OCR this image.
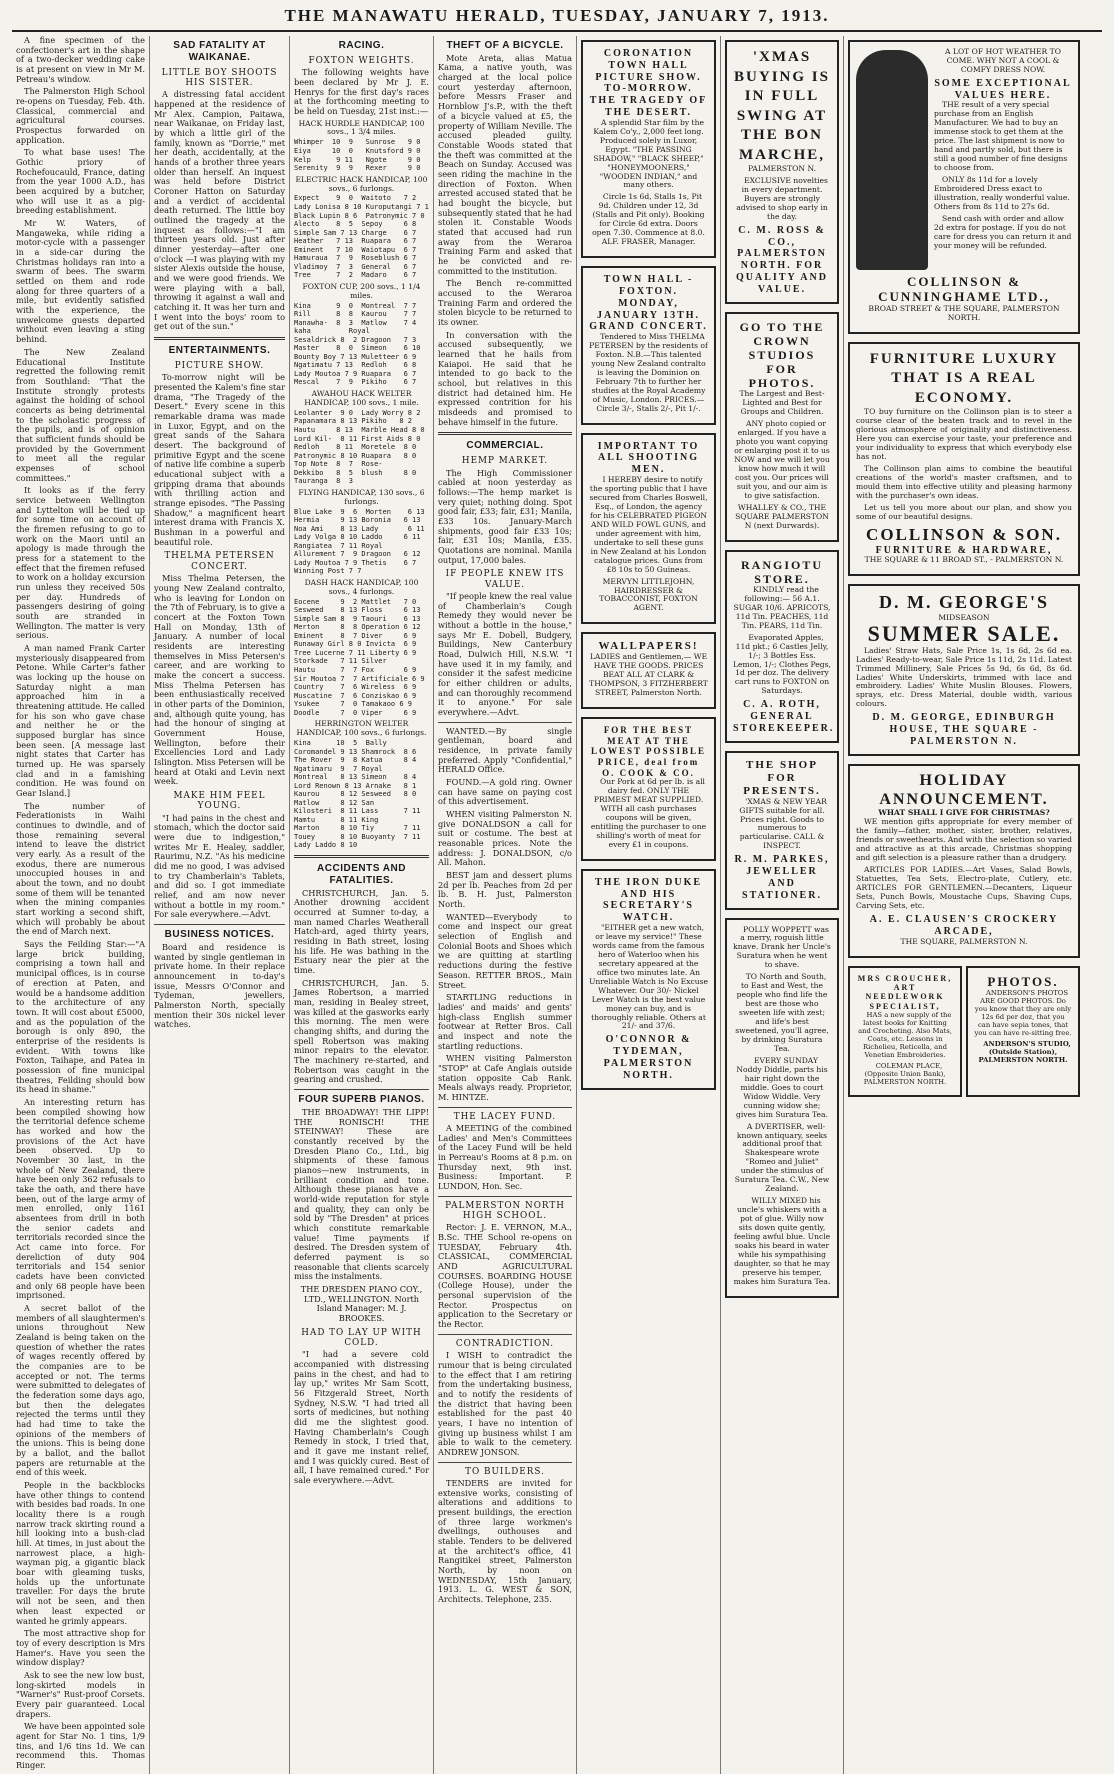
THE MANAWATU HERALD, TUESDAY, JANUARY 7, 1913.

A fine specimen of the confectioner's art in the shape of a two-decker wedding cake is at present on view in Mr M. Petreau's window.

The Palmerston High School re-opens on Tuesday, Feb. 4th. Classical, commercial and agricultural courses. Prospectus forwarded on application.

To what base uses! The Gothic priory of Rochefoucauld, France, dating from the year 1000 A.D., has been acquired by a butcher, who will use it as a pig-breeding establishment.

Mr W. Waters, of Mangaweka, while riding a motor-cycle with a passenger in a side-car during the Christmas holidays ran into a swarm of bees. The swarm settled on them and rode along for three quarters of a mile, but evidently satisfied with the experience, the unwelcome guests departed without even leaving a sting behind.

The New Zealand Educational Institute regretted the following remit from Southland: "That the Institute strongly protests against the holding of school concerts as being detrimental to the scholastic progress of the pupils, and is of opinion that sufficient funds should be provided by the Government to meet all the regular expenses of school committees."

It looks as if the ferry service between Wellington and Lyttelton will be tied up for some time on account of the firemen refusing to go to work on the Maori until an apology is made through the press for a statement to the effect that the firemen refused to work on a holiday excursion run unless they received 50s per day. Hundreds of passengers desiring of going south are stranded in Wellington. The matter is very serious.

A man named Frank Carter mysteriously disappeared from Petone. While Carter's father was locking up the house on Saturday night a man approached him in a threatening attitude. He called for his son who gave chase and neither he or the supposed burglar has since been seen. [A message last night states that Carter has turned up. He was sparsely clad and in a famishing condition. He was found on Gear Island.]

The number of Federationists in Waihi continues to dwindle, and of those remaining several intend to leave the district very early. As a result of the exodus, there are numerous unoccupied houses in and about the town, and no doubt some of them will be tenanted when the mining companies start working a second shift, which will probably be about the end of March next.

Says the Feilding Star:—"A large brick building, comprising a town hall and municipal offices, is in course of erection at Paten, and would be a handsome addition to the architecture of any town. It will cost about £5000, and as the population of the borough is only 890, the enterprise of the residents is evident. With towns like Foxton, Taihape, and Patea in possession of fine municipal theatres, Feilding should bow its head in shame."

An interesting return has been compiled showing how the territorial defence scheme has worked and how the provisions of the Act have been observed. Up to November 30 last, in the whole of New Zealand, there have been only 362 refusals to take the oath, and there have been, out of the large army of men enrolled, only 1161 absentees from drill in both the senior cadets and territorials recorded since the Act came into force. For dereliction of duty 904 territorials and 154 senior cadets have been convicted and only 68 people have been imprisoned.

A secret ballot of the members of all slaughtermen's unions throughout New Zealand is being taken on the question of whether the rates of wages recently offered by the companies are to be accepted or not. The terms were submitted to delegates of the federation some days ago, but then the delegates rejected the terms until they had had time to take the opinions of the members of the unions. This is being done by a ballot, and the ballot papers are returnable at the end of this week.

People in the backblocks have other things to contend with besides bad roads. In one locality there is a rough narrow track skirting round a hill looking into a bush-clad hill. At times, in just about the narrowest place, a high-wayman pig, a gigantic black boar with gleaming tusks, holds up the unfortunate traveller. For days the brute will not be seen, and then when least expected or wanted he grimly appears.

The most attractive shop for toy of every description is Mrs Hamer's. Have you seen the window display?

Ask to see the new low bust, long-skirted models in "Warner's" Rust-proof Corsets. Every pair guaranteed. Local drapers.

We have been appointed sole agent for Star No. 1 tins, 1/9 tins, and 1/6 tins 1d. We can recommend this. Thomas Ringer.

SAD FATALITY AT WAIKANAE.
LITTLE BOY SHOOTS HIS SISTER.

A distressing fatal accident happened at the residence of Mr Alex. Campion, Paitawa, near Waikanae, on Friday last, by which a little girl of the family, known as "Dorrie," met her death, accidentally, at the hands of a brother three years older than herself. An inquest was held before District Coroner Hatton on Saturday and a verdict of accidental death returned. The little boy outlined the tragedy at the inquest as follows:—"I am thirteen years old. Just after dinner yesterday—after one o'clock —I was playing with my sister Alexis outside the house, and we were good friends. We were playing with a ball, throwing it against a wall and catching it. It was her turn and I went into the boys' room to get out of the sun."

ENTERTAINMENTS.
PICTURE SHOW.

To-morrow night will be presented the Kalem's fine star drama, "The Tragedy of the Desert." Every scene in this remarkable drama was made in Luxor, Egypt, and on the great sands of the Sahara desert. The background of primitive Egypt and the scene of native life combine a superb educational subject with a gripping drama that abounds with thrilling action and strange episodes. "The Passing Shadow," a magnificent heart interest drama with Francis X. Bushman in a powerful and beautiful role.

THELMA PETERSEN CONCERT.

Miss Thelma Petersen, the young New Zealand contralto, who is leaving for London on the 7th of February, is to give a concert at the Foxton Town Hall on Monday, 13th of January. A number of local residents are interesting themselves in Miss Petersen's career, and are working to make the concert a success. Miss Thelma Petersen has been enthusiastically received in other parts of the Dominion, and, although quite young, has had the honour of singing at Government House, Wellington, before their Excellencies Lord and Lady Islington. Miss Petersen will be heard at Otaki and Levin next week.

MAKE HIM FEEL YOUNG.

"I had pains in the chest and stomach, which the doctor said were due to indigestion," writes Mr E. Healey, saddler, Raurimu, N.Z. "As his medicine did me no good, I was advised to try Chamberlain's Tablets, and did so. I got immediate relief, and am now never without a bottle in my room." For sale everywhere.—Advt.

BUSINESS NOTICES.

Board and residence is wanted by single gentleman in private home. In their replace announcement in to-day's issue, Messrs O'Connor and Tydeman, jewellers, Palmerston North, specially mention their 30s nickel lever watches.

RACING.
FOXTON WEIGHTS.

The following weights have been declared by Mr J. E. Henrys for the first day's races at the forthcoming meeting to be held on Tuesday, 21st inst.:—

HACK HURDLE HANDICAP, 100 sovs., 1 3/4 miles.
Whimper  10  9   Sunrose   9 0
Eiya     10  0   Knutsford 9 0
Kelp      9 11   Ngote     9 0
Serenity  9  9   Rexer     9 0
ELECTRIC HACK HANDICAP, 100 sovs., 6 furlongs.
Expect    9  0  Waitoto   7 2
Lady Lonisa 8 10 Kuroputangi 7 1
Black Lupin 8 6  Patronymic 7 0
Alecto    8  5  Sepoy     6 8
Simple Sam 7 13 Charge    6 7
Heather   7 13  Ruapara   6 7
Eminent   7 10  Waiotapu  6 7
Hamuraua  7  9  Roseblush 6 7
Vladimoy  7  3  General   6 7
Tree      7  2  Madaro    6 7
FOXTON CUP, 200 sovs., 1 1/4 miles.
Kina      9  0  Montreal  7 7
Rill      8  8  Kaurou    7 7
Manawha-  8  3  Matlow    7 4
kaha         Royal
Sesaldrick 8  2 Dragoon   7 3
Master    8  0  Simeon    6 10
Bounty Boy 7 13 Muletteer 6 9
Ngatimatu 7 13  Redloh    6 8
Lady Moutoa 7 9 Ruapara   6 7
Mescal    7  9  Pikiho    6 7
AWAHOU HACK WELTER HANDICAP, 100 sovs., 1 mile.
Leolanter  9 0  Lady Worry 8 2
Papanamara 8 13 Pikiho   8 2
Hautu     8 13  Marble Head 8 0
Lord Kil-  8 11 First Aids 8 0
Redloh    8 11  Moretele  8 0
Patronymic 8 10 Ruapara   8 0
Top Note  8  7  Rose-
Dekkibo   8  5  blush     8 0
Tauranga  8  3
FLYING HANDICAP, 130 sovs., 6 furlongs.
Blue Lake  9  6  Morten    6 13
Hermia     9 13 Boronia   6 13
Noa Ami    8 13 Lady       6 11
Lady Volga 8 10 Laddo     6 11
Rangiatea  7 11 Royal
Allurement 7  9 Dragoon   6 12
Lady Moutoa 7 9 Thetis    6 7
Winning Post 7 7
DASH HACK HANDICAP, 100 sovs., 4 furlongs.
Eocene     9  2 Mattlet   7 0
Sesweed    8 13 Floss     6 13
Simple Sam 8  9 Taouri    6 13
Merton     8  8 Operation 6 12
Eminent    8  7 Diver     6 9
Runaway Girl 8 0 Invicta  6 9
Tree Lucerne 7 11 Liberty 6 9
Storkade   7 11 Silver
Hautu      7  7 Fox       6 9
Sir Moutoa 7  7 Artificiale 6 9
Country    7  6 Wireless  6 9
Muscatine  7  6 Conziskao 6 9
Ysukee     7  0 Tamakaoo 6 9
Doodle     7  0 Viper     6 9
HERRINGTON WELTER HANDICAP, 100 sovs., 6 furlongs.
Kina      10  5  Bally
Coromandel 9 13 Shamrock  8 6
The Rover  9  8 Katua     8 4
Ngatimaru  9  7 Royal
Montreal   8 13 Simeon    8 4
Lord Renown 8 13 Arnake   8 1
Kaurou     8 12 Sesweed   8 0
Matlow     8 12 San
Kilosteri  8 11 Lass      7 11
Mamtu      8 11 King
Marton     8 10 Tiy       7 11
Touey      8 10 Buoyanty  7 11
Lady Laddo 8 10
ACCIDENTS AND FATALITIES.

CHRISTCHURCH, Jan. 5. Another drowning accident occurred at Sumner to-day, a man named Charles Weatherall Hatch-ard, aged thirty years, residing in Bath street, losing his life. He was bathing in the Estuary near the pier at the time.

CHRISTCHURCH, Jan. 5. James Robertson, a married man, residing in Bealey street, was killed at the gasworks early this morning. The men were changing shifts, and during the spell Robertson was making minor repairs to the elevator. The machinery re-started, and Robertson was caught in the gearing and crushed.

FOUR SUPERB PIANOS.

THE BROADWAY! THE LIPP! THE RONISCH! THE STEINWAY! These are constantly received by the Dresden Piano Co., Ltd., big shipments of these famous pianos—new instruments, in brilliant condition and tone. Although these pianos have a world-wide reputation for style and quality, they can only be sold by "The Dresden" at prices which constitute remarkable value! Time payments if desired. The Dresden system of deferred payment is so reasonable that clients scarcely miss the instalments.

THE DRESDEN PIANO COY., LTD., WELLINGTON. North Island Manager: M. J. BROOKES.

HAD TO LAY UP WITH COLD.

"I had a severe cold accompanied with distressing pains in the chest, and had to lay up," writes Mr Sam Scott, 56 Fitzgerald Street, North Sydney, N.S.W. "I had tried all sorts of medicines, but nothing did me the slightest good. Having Chamberlain's Cough Remedy in stock, I tried that, and it gave me instant relief, and I was quickly cured. Best of all, I have remained cured." For sale everywhere.—Advt.

THEFT OF A BICYCLE.

Mote Areta, alias Matua Kama, a native youth, was charged at the local police court yesterday afternoon, before Messrs Fraser and Hornblow J's.P., with the theft of a bicycle valued at £5, the property of William Neville. The accused pleaded guilty. Constable Woods stated that the theft was committed at the Beach on Sunday. Accused was seen riding the machine in the direction of Foxton. When arrested accused stated that he had bought the bicycle, but subsequently stated that he had stolen it. Constable Woods stated that accused had run away from the Weraroa Training Farm and asked that he be convicted and re-committed to the institution.

The Bench re-committed accused to the Weraroa Training Farm and ordered the stolen bicycle to be returned to its owner.

In conversation with the accused subsequently, we learned that he hails from Kaiapoi. He said that he intended to go back to the school, but relatives in this district had detained him. He expressed contrition for his misdeeds and promised to behave himself in the future.

COMMERCIAL.
HEMP MARKET.

The High Commissioner cabled at noon yesterday as follows:—The hemp market is very quiet; nothing doing. Spot good fair, £33; fair, £31; Manila, £33 10s. January-March shipments, good fair £33 10s; fair, £31 10s; Manila, £35. Quotations are nominal. Manila output, 17,000 bales.

IF PEOPLE KNEW ITS VALUE.

"If people knew the real value of Chamberlain's Cough Remedy they would never be without a bottle in the house," says Mr E. Dobell, Budgery, Buildings, New Canterbury Road, Dulwich Hill, N.S.W. "I have used it in my family, and consider it the safest medicine for either children or adults, and can thoroughly recommend it to anyone." For sale everywhere.—Advt.

WANTED.—By single gentleman, board and residence, in private family preferred. Apply "Confidential," HERALD Office.

FOUND.—A gold ring. Owner can have same on paying cost of this advertisement.

WHEN visiting Palmerston N. give DONALDSON a call for suit or costume. The best at reasonable prices. Note the address: J. DONALDSON, c/o All. Mahon.

BEST jam and dessert plums 2d per lb. Peaches from 2d per lb. B. H. Just, Palmerston North.

WANTED—Everybody to come and inspect our great selection of English and Colonial Boots and Shoes which we are quitting at startling reductions during the festive Season. RETTER BROS., Main Street.

STARTLING reductions in ladies' and maids' and gents' high-class English summer footwear at Retter Bros. Call and inspect and note the startling reductions.

WHEN visiting Palmerston "STOP" at Cafe Anglais outside station opposite Cab Rank. Meals always ready. Proprietor, M. HINTZE.

THE LACEY FUND.

A MEETING of the combined Ladies' and Men's Committees of the Lacey Fund will be held in Perreau's Rooms at 8 p.m. on Thursday next, 9th inst. Business: Important. P. LUNDON, Hon. Sec.

PALMERSTON NORTH HIGH SCHOOL.

Rector: J. E. VERNON, M.A., B.Sc. THE School re-opens on TUESDAY, February 4th. CLASSICAL, COMMERCIAL AND AGRICULTURAL COURSES. BOARDING HOUSE (College House), under the personal supervision of the Rector. Prospectus on application to the Secretary or the Rector.

CONTRADICTION.

I WISH to contradict the rumour that is being circulated to the effect that I am retiring from the undertaking business, and to notify the residents of the district that having been established for the past 40 years, I have no intention of giving up business whilst I am able to walk to the cemetery. ANDREW JONSON.

TO BUILDERS.

TENDERS are invited for extensive works, consisting of alterations and additions to present buildings, the erection of three large workmen's dwellings, outhouses and stable. Tenders to be delivered at the architect's office, 41 Rangitikei street, Palmerston North, by noon on WEDNESDAY, 15th January, 1913. L. G. WEST & SON, Architects. Telephone, 235.

CORONATION TOWN HALL PICTURE SHOW. TO-MORROW. THE TRAGEDY OF THE DESERT.

A splendid Star film by the Kalem Co'y., 2,000 feet long. Produced solely in Luxor, Egypt. "THE PASSING SHADOW," "BLACK SHEEP," "HONEYMOONERS," "WOODEN INDIAN," and many others.

Circle 1s 6d, Stalls 1s, Pit 9d. Children under 12, 3d (Stalls and Pit only). Booking for Circle 6d extra. Doors open 7.30. Commence at 8.0. ALF. FRASER, Manager.

TOWN HALL - FOXTON. MONDAY, JANUARY 13TH. GRAND CONCERT.

Tendered to Miss THELMA PETERSEN by the residents of Foxton. N.B.—This talented young New Zealand contralto is leaving the Dominion on February 7th to further her studies at the Royal Academy of Music, London. PRICES.—Circle 3/-, Stalls 2/-, Pit 1/-.

IMPORTANT TO ALL SHOOTING MEN.

I HEREBY desire to notify the sporting public that I have secured from Charles Boswell, Esq., of London, the agency for his CELEBRATED PIGEON AND WILD FOWL GUNS, and under agreement with him, undertake to sell these guns in New Zealand at his London catalogue prices. Guns from £8 10s to 50 Guineas.

MERVYN LITTLEJOHN, HAIRDRESSER & TOBACCONIST, FOXTON AGENT.

WALLPAPERS!

LADIES and Gentlemen,— WE HAVE THE GOODS. PRICES BEAT ALL AT CLARK & THOMPSON, 3 FITZHERBERT STREET, Palmerston North.

FOR THE BEST MEAT AT THE LOWEST POSSIBLE PRICE, deal from O. COOK & CO.

Our Pork at 6d per lb. is all dairy fed. ONLY THE PRIMEST MEAT SUPPLIED. WITH all cash purchases coupons will be given, entitling the purchaser to one shilling's worth of meat for every £1 in coupons.

THE IRON DUKE AND HIS SECRETARY'S WATCH.

"EITHER get a new watch, or leave my service!" These words came from the famous hero of Waterloo when his secretary appeared at the office two minutes late. An Unreliable Watch is No Excuse Whatever. Our 30/- Nickel Lever Watch is the best value money can buy, and is thoroughly reliable. Others at 21/- and 37/6.

O'CONNOR & TYDEMAN, PALMERSTON NORTH.
'XMAS BUYING IS IN FULL SWING AT THE BON MARCHE,

PALMERSTON N.

EXCLUSIVE novelties in every department. Buyers are strongly advised to shop early in the day.

C. M. ROSS & CO., PALMERSTON NORTH. FOR QUALITY AND VALUE.
GO TO THE CROWN STUDIOS FOR PHOTOS.

The Largest and Best-Lighted and Best for Groups and Children.

ANY photo copied or enlarged. If you have a photo you want copying or enlarging post it to us NOW and we will let you know how much it will cost you. Our prices will suit you, and our aim is to give satisfaction.

WHALLEY & CO., THE SQUARE PALMERSTON N (next Durwards).

RANGIOTU STORE.

KINDLY read the following:— 56 A.1. SUGAR 10/6. APRICOTS, 11d Tin. PEACHES, 11d Tin. PEARS, 11d Tin.

Evaporated Apples, 11d pkt.; 6 Castles Jelly, 1/-; 3 Bottles Ess. Lemon, 1/-; Clothes Pegs, 1d per doz. The delivery cart runs to FOXTON on Saturdays.

C. A. ROTH, GENERAL STOREKEEPER.
THE SHOP FOR PRESENTS.

'XMAS & NEW YEAR GIFTS suitable for all. Prices right. Goods to numerous to particularise. CALL & INSPECT.

R. M. PARKES, JEWELLER AND STATIONER.

POLLY WOPPETT was a merry, roguish little knave. Drank her Uncle's Suratura when he went to shave.

TO North and South, to East and West, the people who find life the best are those who sweeten life with zest; and life's best sweetened, you'll agree, by drinking Suratura Tea.

EVERY SUNDAY Noddy Diddle, parts his hair right down the middle. Goes to court Widow Widdle. Very cunning widow she; gives him Suratura Tea.

A DVERTISER, well-known antiquary, seeks additional proof that Shakespeare wrote "Romeo and Juliet" under the stimulus of Suratura Tea. C.W., New Zealand.

WILLY MIXED his uncle's whiskers with a pot of glue. Willy now sits down quite gently, feeling awful blue. Uncle soaks his beard in water while his sympathising daughter, so that he may preserve his temper, makes him Suratura Tea.

A LOT OF HOT WEATHER TO COME. WHY NOT A COOL & COMFY DRESS NOW.

SOME EXCEPTIONAL VALUES HERE.

THE result of a very special purchase from an English Manufacturer. We had to buy an immense stock to get them at the price. The last shipment is now to hand and partly sold, but there is still a good number of fine designs to choose from.

ONLY 8s 11d for a lovely Embroidered Dress exact to illustration, really wonderful value. Others from 8s 11d to 27s 6d.

Send cash with order and allow 2d extra for postage. If you do not care for dress you can return it and your money will be refunded.

COLLINSON & CUNNINGHAME LTD.,

BROAD STREET & THE SQUARE, PALMERSTON NORTH.

FURNITURE LUXURY THAT IS A REAL ECONOMY.

TO buy furniture on the Collinson plan is to steer a course clear of the beaten track and to revel in the glorious atmosphere of originality and distinctiveness. Here you can exercise your taste, your preference and your individuality to express that which everybody else has not.

The Collinson plan aims to combine the beautiful creations of the world's master craftsmen, and to mould them into effective utility and pleasing harmony with the purchaser's own ideas.

Let us tell you more about our plan, and show you some of our beautiful designs.

COLLINSON & SON.
FURNITURE & HARDWARE,

THE SQUARE & 11 BROAD ST., - PALMERSTON N.

D. M. GEORGE'S
MIDSEASON
SUMMER SALE.

Ladies' Straw Hats, Sale Price 1s, 1s 6d, 2s 6d ea. Ladies' Ready-to-wear, Sale Price 1s 11d, 2s 11d. Latest Trimmed Millinery, Sale Prices 5s 9d, 6s 6d, 8s 6d. Ladies' White Underskirts, trimmed with lace and embroidery. Ladies' White Muslin Blouses. Flowers, sprays, etc. Dress Material, double width, various colours.

D. M. GEORGE, EDINBURGH HOUSE, THE SQUARE - PALMERSTON N.
HOLIDAY ANNOUNCEMENT.
WHAT SHALL I GIVE FOR CHRISTMAS?

WE mention gifts appropriate for every member of the family—father, mother, sister, brother, relatives, friends or sweethearts. And with the selection so varied and attractive as at this arcade, Christmas shopping and gift selection is a pleasure rather than a drudgery.

ARTICLES FOR LADIES.—Art Vases, Salad Bowls, Statuettes, Tea Sets, Electro-plate, Cutlery, etc. ARTICLES FOR GENTLEMEN.—Decanters, Liqueur Sets, Punch Bowls, Moustache Cups, Shaving Cups, Carving Sets, etc.

A. E. CLAUSEN'S CROCKERY ARCADE,

THE SQUARE, PALMERSTON N.

MRS CROUCHER, ART NEEDLEWORK SPECIALIST,

HAS a new supply of the latest books for Knitting and Crocheting. Also Mats, Coats, etc. Lessons in Richelieu, Reticella, and Venetian Embroideries.

COLEMAN PLACE, (Opposite Union Bank), PALMERSTON NORTH.

PHOTOS.

ANDERSON'S PHOTOS ARE GOOD PHOTOS. Do you know that they are only 12s 6d per doz, that you can have sepia tones, that you can have re-sitting free.

ANDERSON'S STUDIO, (Outside Station), PALMERSTON NORTH.
